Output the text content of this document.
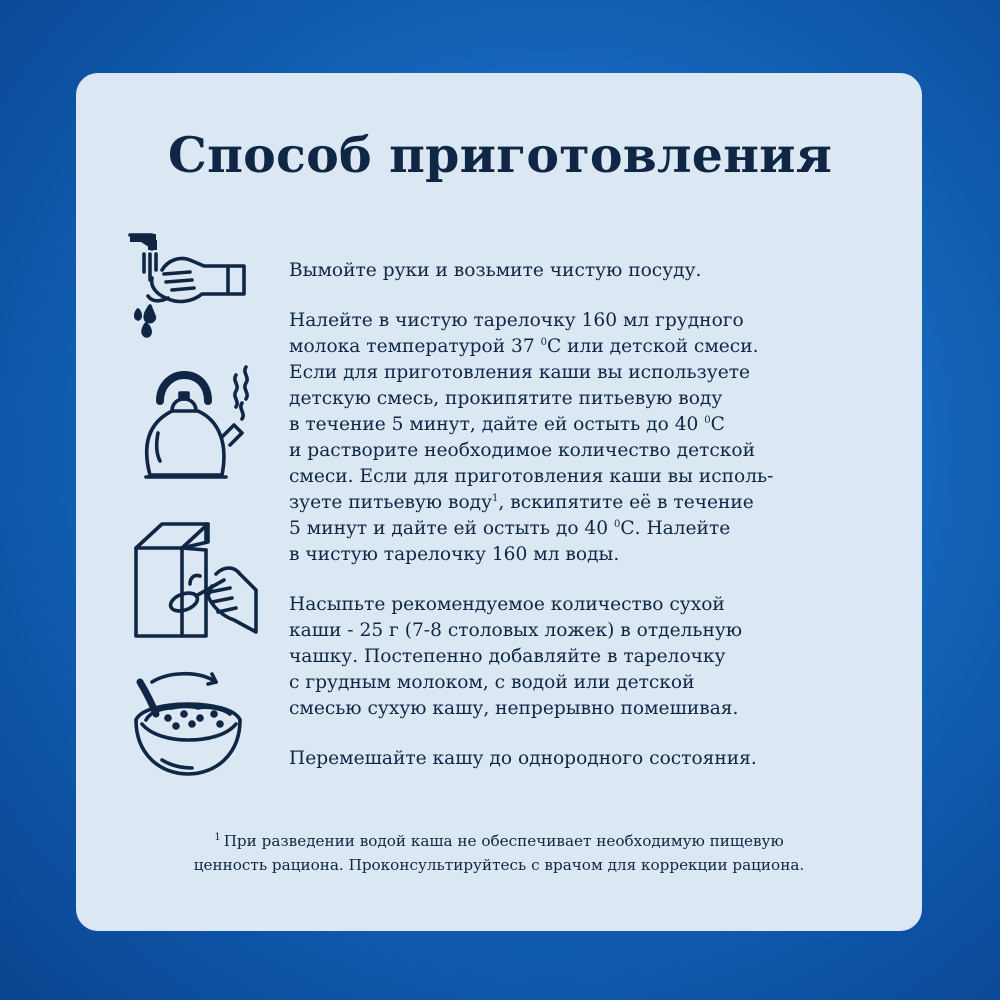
Способ приготовления
Вымойте руки и возьмите чистую посуду.
Налейте в чистую тарелочку 160 мл грудного
молока температурой 37 $^0$С или детской смеси.
Если для приготовления каши вы используете
детскую смесь, прокипятите питьевую воду
в течение 5 минут, дайте ей остыть до 40 $^0$С
и растворите необходимое количество детской
смеси. Если для приготовления каши вы исполь-
зуете питьевую воду$^1$, вскипятите её в течение
5 минут и дайте ей остыть до 40 $^0$С. Налейте
в чистую тарелочку 160 мл воды.
Насыпьте рекомендуемое количество сухой
каши - 25 г (7-8 столовых ложек) в отдельную
чашку. Постепенно добавляйте в тарелочку
с грудным молоком, с водой или детской
смесью сухую кашу, непрерывно помешивая.
Перемешайте кашу до однородного состояния.
$^1$ При разведении водой каша не обеспечивает необходимую пищевую
ценность рациона. Проконсультируйтесь с врачом для коррекции рациона.
